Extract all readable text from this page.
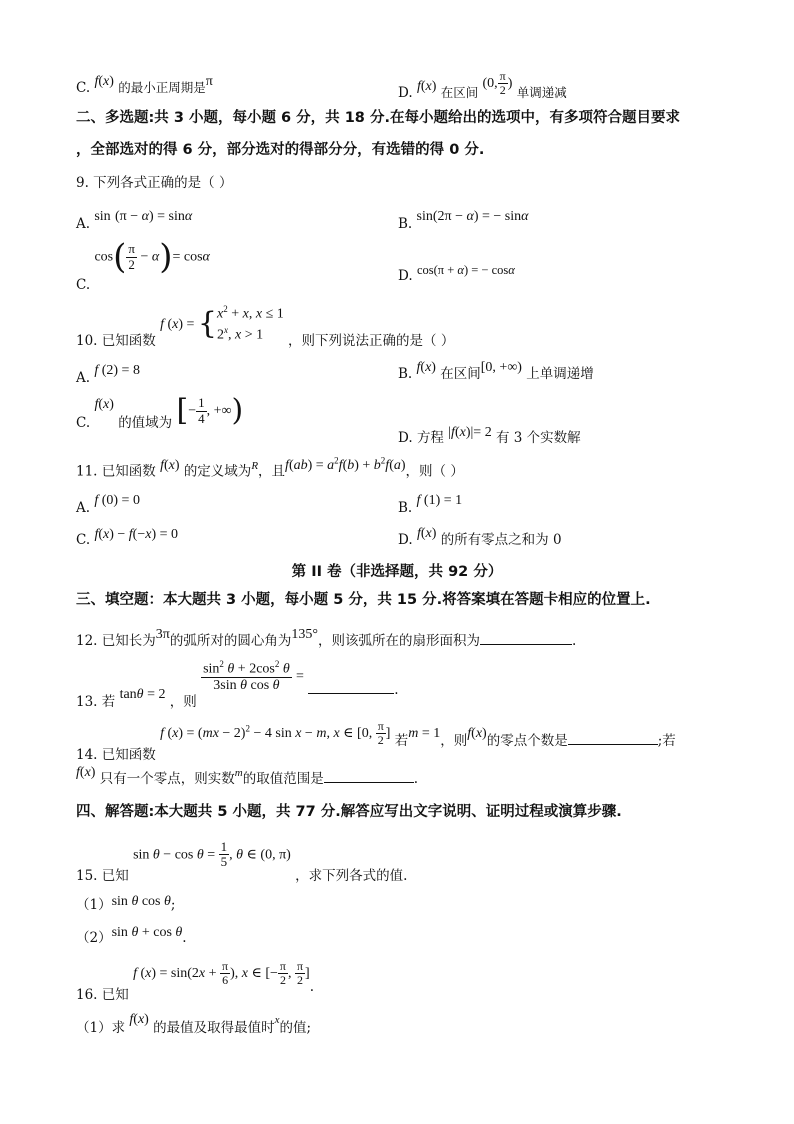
C. f(x) 的最小正周期是π
D. f(x) 在区间 (0, $\frac{\pi}{2}$ ) 单调递减
二、多选题:共 3 小题，每小题 6 分，共 18 分.在每小题给出的选项中，有多项符合题目要求
，全部选对的得 6 分，部分选对的得部分分，有选错的得 0 分.
9. 下列各式正确的是（ ）
A. sin (π − α) = sinα	B. sin(2π − α) = − sinα
C. $\cos( \frac{\pi}{2} - \alpha)= \cos\alpha$
D. cos(π + α) = − cosα
10. 已知函数 f $(x) = \{x^2 + x$, x ≤ 1
2$^x$, x > 1 ，则下列说法正确的是（ ）
A. f (2) = 8	B. f(x) 在区间[0, +∞) 上单调递增
C. f(x) 的值域为 [− $\frac{1}{4}$ , +∞)
D. 方程 |f(x)|= 2 有 3 个实数解
11. 已知函数 f(x) 的定义域为$^R$，且$f(ab) = a^2f(b) + b^2f(a)$，则（ ）
A. f (0) = 0	B. f (1) = 1
C. f(x) − f(−x) = 0	D. f(x) 的所有零点之和为 0
第 II 卷（非选择题，共 92 分）
三、填空题：本大题共 3 小题，每小题 5 分，共 15 分.将答案填在答题卡相应的位置上.
12. 已知长为3π的弧所对的圆心角为135°，则该弧所在的扇形面积为	.
13. 若 tanθ = 2 ，则
$\frac{\sin^2 \theta + 2\cos^2 \theta}{\text{3sin θ cos θ}}$ = .
14. 已知函数 f (x) = (mx − 2)$^2$ − 4 sin x − m, x ∈ [0, $\frac{\pi}{2}$ ] 若m = 1，则f(x)的零点个数是	;若
f(x) 只有一个零点，则实数$^m$的取值范围是	.
四、解答题:本大题共 5 小题，共 77 分.解答应写出文字说明、证明过程或演算步骤.
15. 已知 $\sin \theta - \cos \theta = \frac{1}{5}$ , θ ∈ (0, π) ，求下列各式的值.
（1）sin θ cos θ;
（2）sin θ + cos θ.
16. 已知 f $(x) = \sin(2x + \frac{\pi}{6}$ ), x ∈ [− $\frac{\pi}{2}$ , $\frac{\pi}{2}$ ].
（1）求 f(x) 的最值及取得最值时$^x$的值;
